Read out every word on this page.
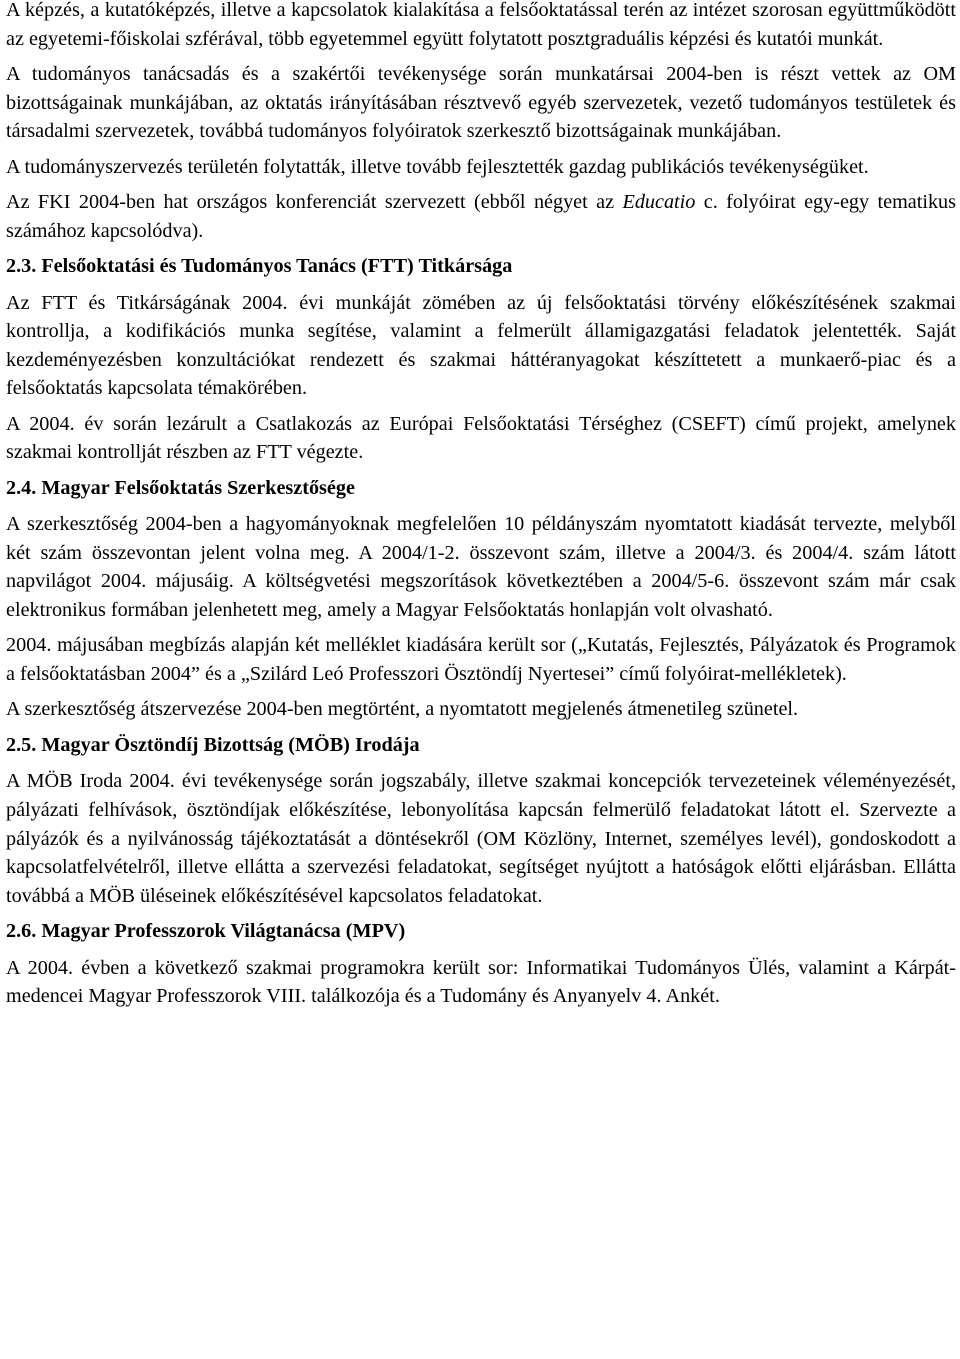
A képzés, a kutatóképzés, illetve a kapcsolatok kialakítása a felsőoktatással terén az intézet szorosan együttműködött az egyetemi-főiskolai szférával, több egyetemmel együtt folytatott posztgraduális képzési és kutatói munkát.

A tudományos tanácsadás és a szakértői tevékenysége során munkatársai 2004-ben is részt vettek az OM bizottságainak munkájában, az oktatás irányításában résztvevő egyéb szervezetek, vezető tudományos testületek és társadalmi szervezetek, továbbá tudományos folyóiratok szerkesztő bizottságainak munkájában.

A tudományszervezés területén folytatták, illetve tovább fejlesztették gazdag publikációs tevékenységüket.

Az FKI 2004-ben hat országos konferenciát szervezett (ebből négyet az Educatio c. folyóirat egy-egy tematikus számához kapcsolódva).

2.3. Felsőoktatási és Tudományos Tanács (FTT) Titkársága

Az FTT és Titkárságának 2004. évi munkáját zömében az új felsőoktatási törvény előkészítésének szakmai kontrollja, a kodifikációs munka segítése, valamint a felmerült államigazgatási feladatok jelentették. Saját kezdeményezésben konzultációkat rendezett és szakmai háttéranyagokat készíttetett a munkaerő-piac és a felsőoktatás kapcsolata témakörében.

A 2004. év során lezárult a Csatlakozás az Európai Felsőoktatási Térséghez (CSEFT) című projekt, amelynek szakmai kontrollját részben az FTT végezte.

2.4. Magyar Felsőoktatás Szerkesztősége

A szerkesztőség 2004-ben a hagyományoknak megfelelően 10 példányszám nyomtatott kiadását tervezte, melyből két szám összevontan jelent volna meg. A 2004/1-2. összevont szám, illetve a 2004/3. és 2004/4. szám látott napvilágot 2004. májusáig. A költségvetési megszorítások következtében a 2004/5-6. összevont szám már csak elektronikus formában jelenhetett meg, amely a Magyar Felsőoktatás honlapján volt olvasható.

2004. májusában megbízás alapján két melléklet kiadására került sor („Kutatás, Fejlesztés, Pályázatok és Programok a felsőoktatásban 2004” és a „Szilárd Leó Professzori Ösztöndíj Nyertesei” című folyóirat-mellékletek).

A szerkesztőség átszervezése 2004-ben megtörtént, a nyomtatott megjelenés átmenetileg szünetel.

2.5. Magyar Ösztöndíj Bizottság (MÖB) Irodája

A MÖB Iroda 2004. évi tevékenysége során jogszabály, illetve szakmai koncepciók tervezeteinek véleményezését, pályázati felhívások, ösztöndíjak előkészítése, lebonyolítása kapcsán felmerülő feladatokat látott el. Szervezte a pályázók és a nyilvánosság tájékoztatását a döntésekről (OM Közlöny, Internet, személyes levél), gondoskodott a kapcsolatfelvételről, illetve ellátta a szervezési feladatokat, segítséget nyújtott a hatóságok előtti eljárásban. Ellátta továbbá a MÖB üléseinek előkészítésével kapcsolatos feladatokat.

2.6. Magyar Professzorok Világtanácsa (MPV)

A 2004. évben a következő szakmai programokra került sor: Informatikai Tudományos Ülés, valamint a Kárpát-medencei Magyar Professzorok VIII. találkozója és a Tudomány és Anyanyelv 4. Ankét.
